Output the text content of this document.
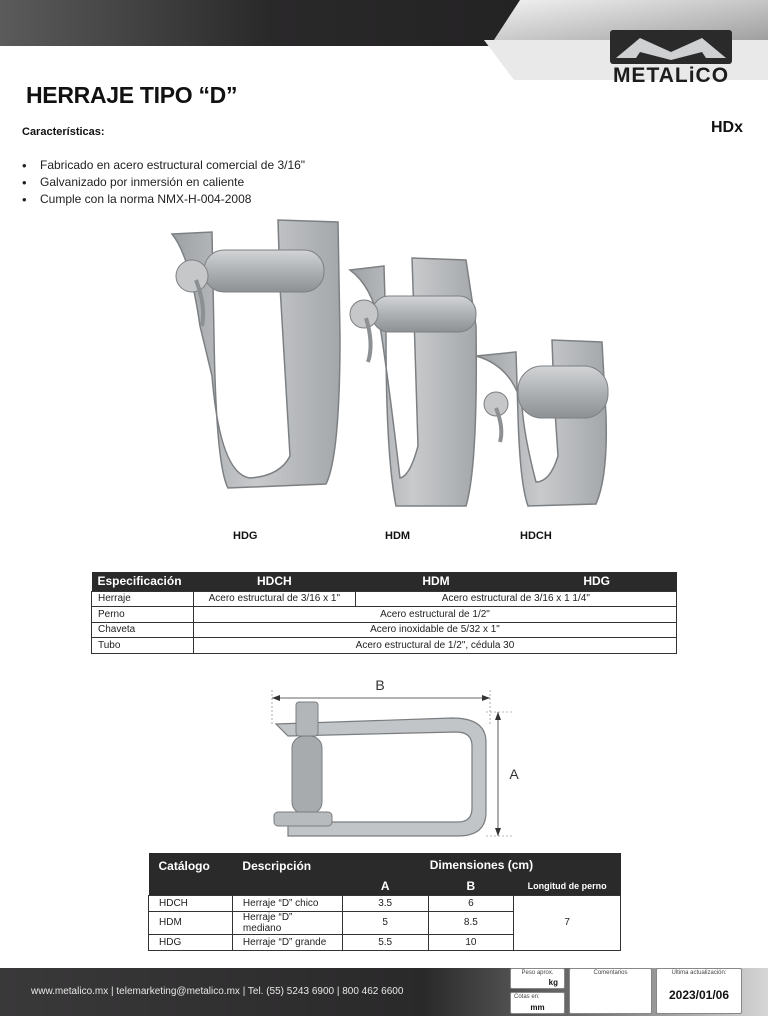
METALiCO
HERRAJE TIPO “D”
HDx
Características:
• Fabricado en acero estructural comercial de 3/16"
• Galvanizado por inmersión en caliente
• Cumple con la norma NMX-H-004-2008
HDG	HDM	HDCH
Especificación	HDCH	HDM	HDG
Herraje	Acero estructural de 3/16 x 1"	Acero estructural de 3/16 x 1 1/4"	
Perno	Acero estructural de 1/2"		
Chaveta	Acero inoxidable de 5/32 x 1"		
Tubo	Acero estructural de 1/2", cédula 30		
B
A
Catálogo	Descripción	Dimensiones (cm)		
		A	B	Longitud de perno
HDCH	Herraje “D” chico	3.5	6	7
HDM	Herraje “D” mediano	5	8.5	
HDG	Herraje “D” grande	5.5	10	
www.metalico.mx | telemarketing@metalico.mx | Tel. (55) 5243 6900 | 800 462 6600
Peso aprox.
kg
Cotas en:
mm
Comentarios	Última actualización:
2023/01/06
